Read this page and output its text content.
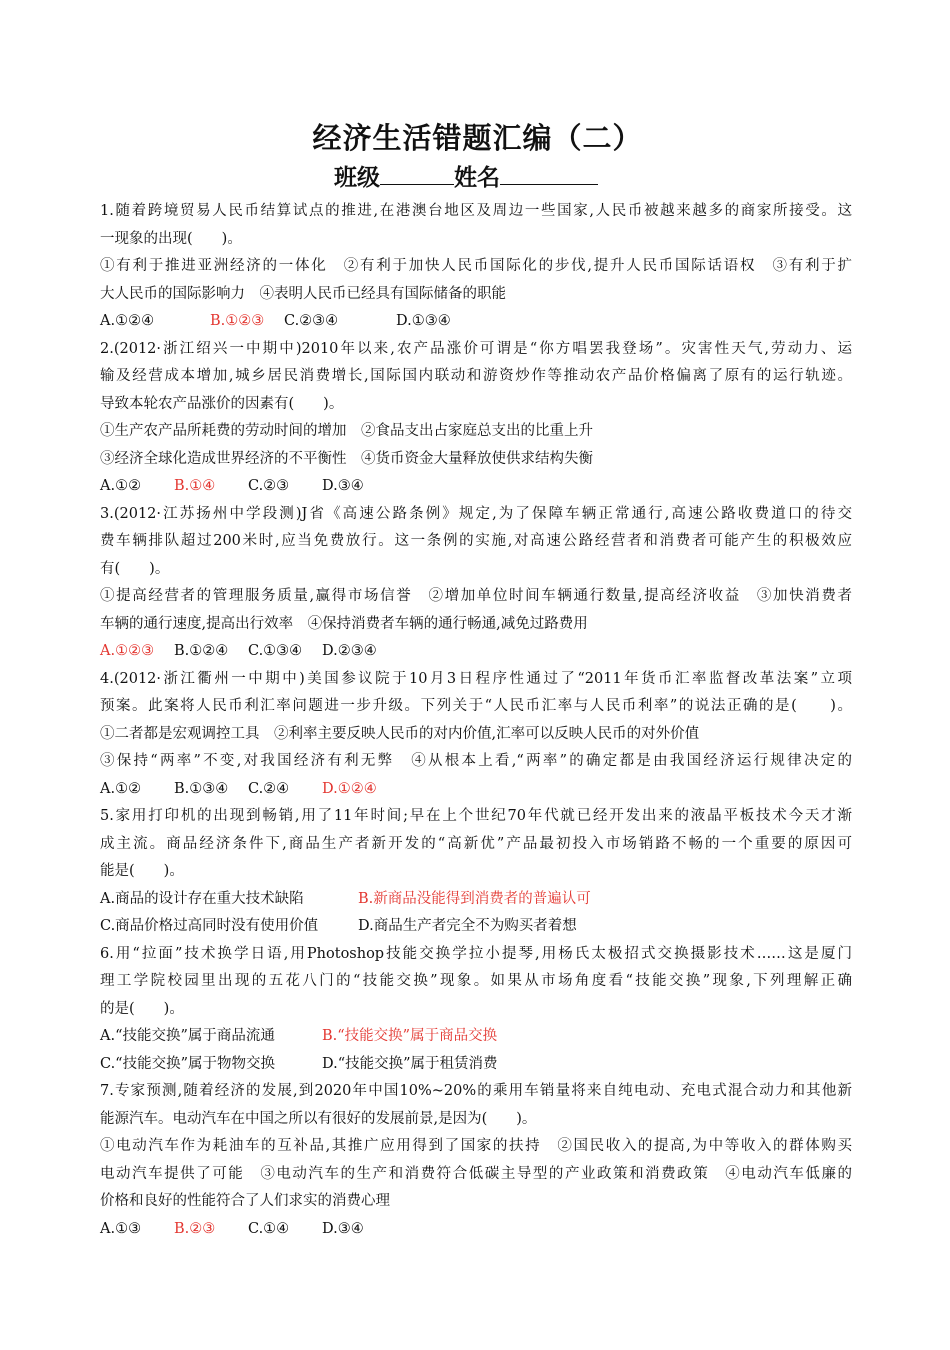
经济生活错题汇编（二）
班级	姓名
1.随着跨境贸易人民币结算试点的推进,在港澳台地区及周边一些国家,人民币被越来越多的商家所接受。这
一现象的出现(　　)。
①有利于推进亚洲经济的一体化　②有利于加快人民币国际化的步伐,提升人民币国际话语权　③有利于扩
大人民币的国际影响力　④表明人民币已经具有国际储备的职能
A.①②④	B.①②③ C.②③④	D.①③④
2.(2012·浙江绍兴一中期中)2010年以来,农产品涨价可谓是“你方唱罢我登场”。灾害性天气,劳动力、运
输及经营成本增加,城乡居民消费增长,国际国内联动和游资炒作等推动农产品价格偏离了原有的运行轨迹。
导致本轮农产品涨价的因素有(　　)。
①生产农产品所耗费的劳动时间的增加　②食品支出占家庭总支出的比重上升
③经济全球化造成世界经济的不平衡性　④货币资金大量释放使供求结构失衡
A.①② B.①④ C.②③ D.③④
3.(2012·江苏扬州中学段测)J省《高速公路条例》规定,为了保障车辆正常通行,高速公路收费道口的待交
费车辆排队超过200米时,应当免费放行。这一条例的实施,对高速公路经营者和消费者可能产生的积极效应
有(　　)。
①提高经营者的管理服务质量,赢得市场信誉　②增加单位时间车辆通行数量,提高经济收益　③加快消费者
车辆的通行速度,提高出行效率　④保持消费者车辆的通行畅通,减免过路费用
A.①②③ B.①②④ C.①③④ D.②③④
4.(2012·浙江衢州一中期中)美国参议院于10月3日程序性通过了“2011年货币汇率监督改革法案”立项
预案。此案将人民币利汇率问题进一步升级。下列关于“人民币汇率与人民币利率”的说法正确的是(　　)。
①二者都是宏观调控工具　②利率主要反映人民币的对内价值,汇率可以反映人民币的对外价值
③保持“两率”不变,对我国经济有利无弊　④从根本上看,“两率”的确定都是由我国经济运行规律决定的
A.①② B.①③④ C.②④ D.①②④
5.家用打印机的出现到畅销,用了11年时间;早在上个世纪70年代就已经开发出来的液晶平板技术今天才渐
成主流。商品经济条件下,商品生产者新开发的“高新优”产品最初投入市场销路不畅的一个重要的原因可
能是(　　)。
A.商品的设计存在重大技术缺陷	B.新商品没能得到消费者的普遍认可
C.商品价格过高同时没有使用价值	D.商品生产者完全不为购买者着想
6.用“拉面”技术换学日语,用Photoshop技能交换学拉小提琴,用杨氏太极招式交换摄影技术……这是厦门
理工学院校园里出现的五花八门的“技能交换”现象。如果从市场角度看“技能交换”现象,下列理解正确
的是(　　)。
A.“技能交换”属于商品流通	B.“技能交换”属于商品交换
C.“技能交换”属于物物交换	D.“技能交换”属于租赁消费
7.专家预测,随着经济的发展,到2020年中国10%~20%的乘用车销量将来自纯电动、充电式混合动力和其他新
能源汽车。电动汽车在中国之所以有很好的发展前景,是因为(　　)。
①电动汽车作为耗油车的互补品,其推广应用得到了国家的扶持　②国民收入的提高,为中等收入的群体购买
电动汽车提供了可能　③电动汽车的生产和消费符合低碳主导型的产业政策和消费政策　④电动汽车低廉的
价格和良好的性能符合了人们求实的消费心理
A.①③ B.②③ C.①④ D.③④
